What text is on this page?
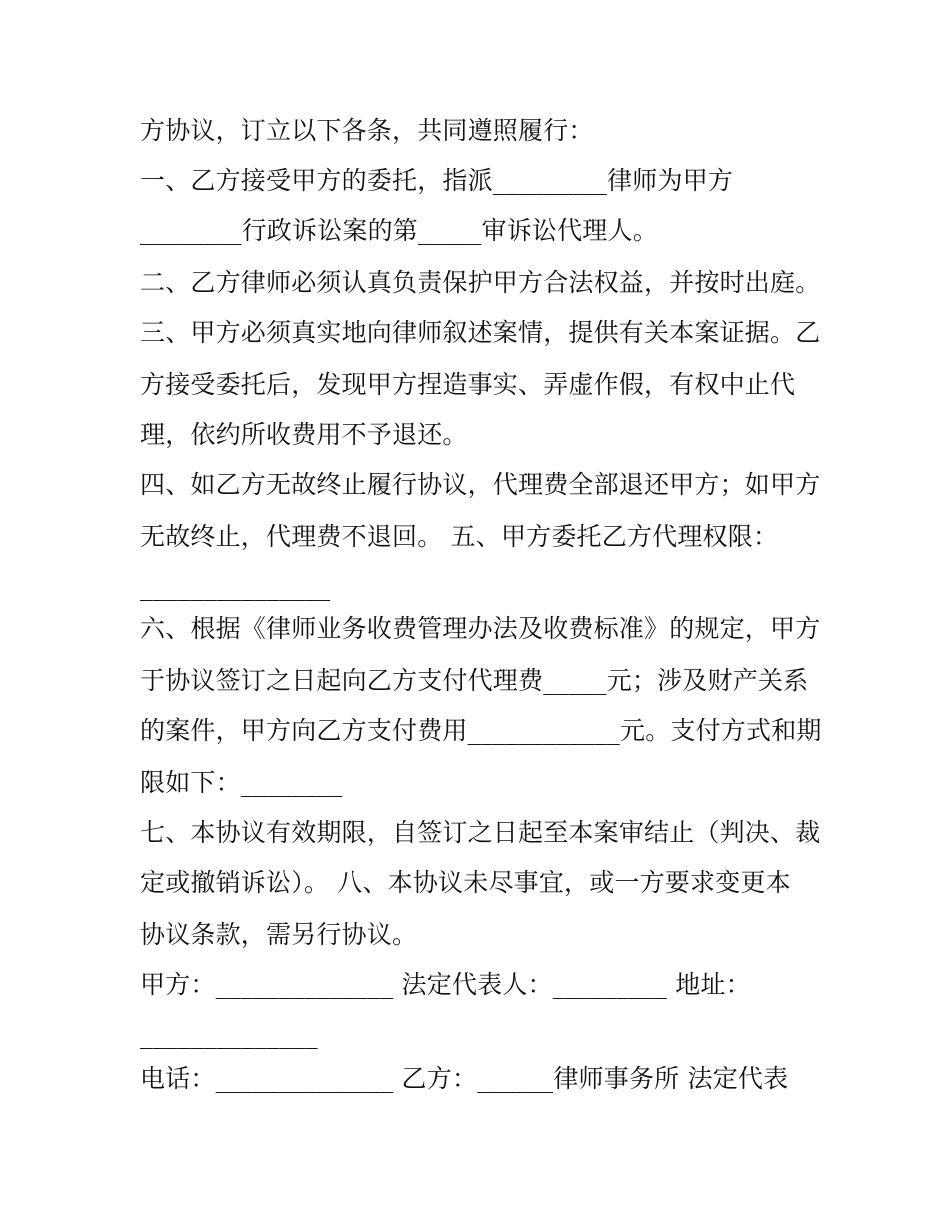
方协议，订立以下各条，共同遵照履行：
一、乙方接受甲方的委托，指派_________律师为甲方
________行政诉讼案的第_____审诉讼代理人。
二、乙方律师必须认真负责保护甲方合法权益，并按时出庭。
三、甲方必须真实地向律师叙述案情，提供有关本案证据。乙
方接受委托后，发现甲方捏造事实、弄虚作假，有权中止代
理，依约所收费用不予退还。
四、如乙方无故终止履行协议，代理费全部退还甲方；如甲方
无故终止，代理费不退回。 五、甲方委托乙方代理权限：
_______________
六、根据《律师业务收费管理办法及收费标准》的规定，甲方
于协议签订之日起向乙方支付代理费_____元；涉及财产关系
的案件，甲方向乙方支付费用____________元。支付方式和期
限如下：________
七、本协议有效期限，自签订之日起至本案审结止（判决、裁
定或撤销诉讼）。 八、本协议未尽事宜，或一方要求变更本
协议条款，需另行协议。
甲方：______________ 法定代表人：_________ 地址：
______________
电话：______________ 乙方：______律师事务所 法定代表
